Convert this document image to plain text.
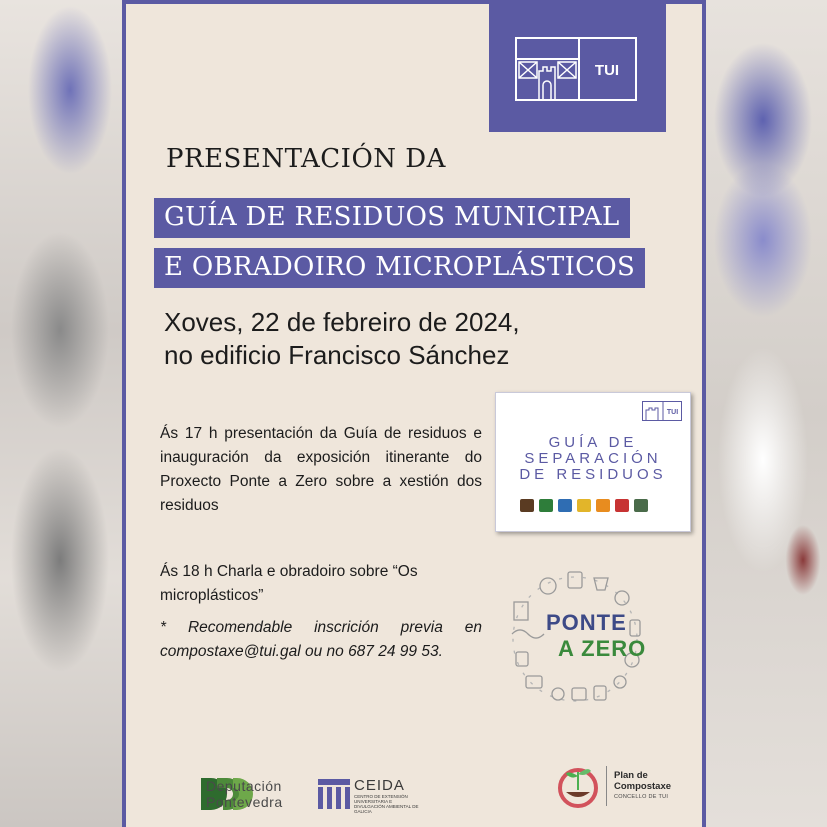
TUI
PRESENTACIÓN DA
GUÍA DE RESIDUOS MUNICIPAL
E OBRADOIRO MICROPLÁSTICOS
Xoves, 22 de febreiro de 2024,
no edificio Francisco Sánchez
Ás 17 h presentación da Guía de residuos e inauguración da exposición itinerante do Proxecto Ponte a Zero sobre a xestión dos residuos
Ás 18 h Charla e obradoiro sobre “Os microplásticos”
* Recomendable inscrición previa en compostaxe@tui.gal ou no 687 24 99 53.
TUI
GUÍA DE
SEPARACIÓN
DE RESIDUOS
PONTE
A ZERO
Deputación
Pontevedra
CEIDA
CENTRO DE EXTENSIÓN UNIVERSITARIA E DIVULGACIÓN AMBIENTAL DE GALICIA
Plan de
Compostaxe
CONCELLO DE TUI
